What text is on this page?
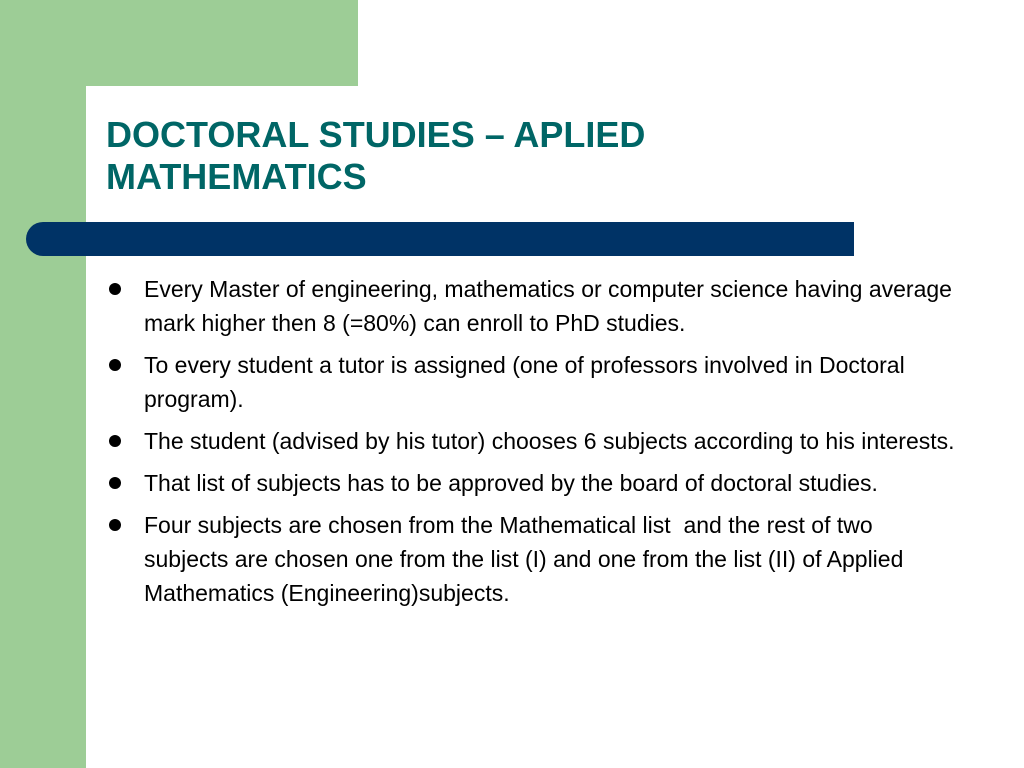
DOCTORAL STUDIES – APLIED
MATHEMATICS
Every Master of engineering, mathematics or computer science having average mark higher then 8 (=80%) can enroll to PhD studies.
To every student a tutor is assigned (one of professors involved in Doctoral program).
The student (advised by his tutor) chooses 6 subjects according to his interests.
That list of subjects has to be approved by the board of doctoral studies.
Four subjects are chosen from the Mathematical list  and the rest of two subjects are chosen one from the list (I) and one from the list (II) of Applied Mathematics (Engineering)subjects.
